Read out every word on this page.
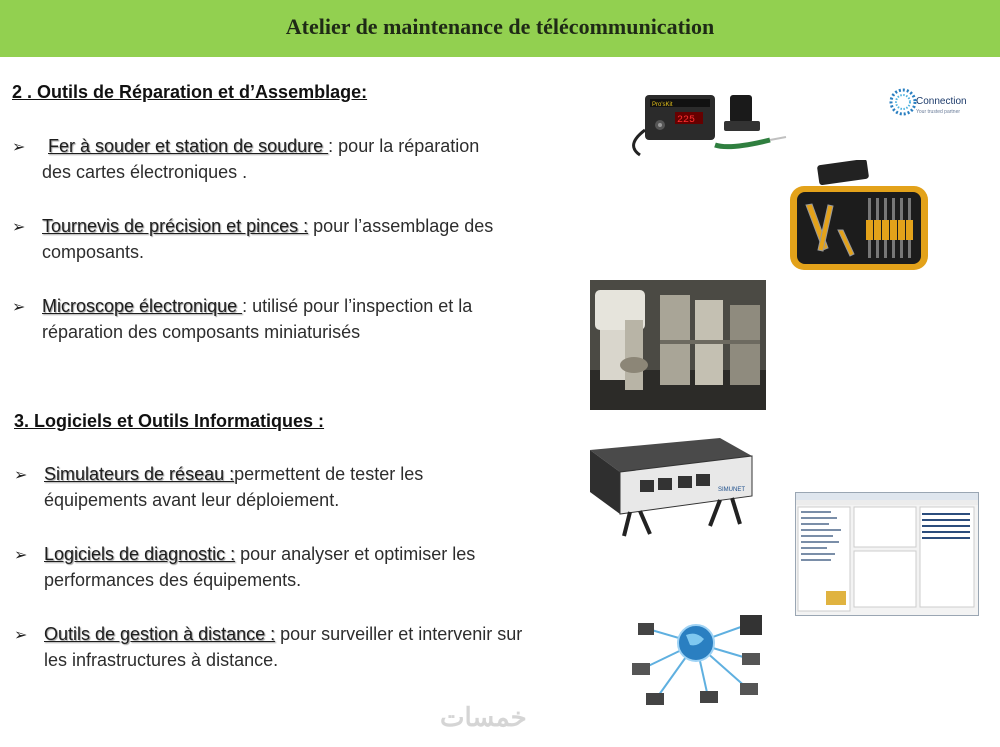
Atelier de maintenance de télécommunication
2 . Outils de Réparation et d’Assemblage:
➢	Fer à souder et station de soudure : pour la réparation
des cartes électroniques .
➢ Tournevis de précision et pinces : pour l’assemblage des
composants.
➢ Microscope électronique : utilisé pour l’inspection et la
réparation des composants miniaturisés
3. Logiciels et Outils Informatiques :
➢ Simulateurs de réseau :permettent de tester les
équipements avant leur déploiement.
➢ Logiciels de diagnostic : pour analyser et optimiser les
performances des équipements.
➢ Outils de gestion à distance : pour surveiller et intervenir sur
les infrastructures à distance.
Pro'sKit
225
Connection
Your trusted partner
SIMUNET
خمسات
